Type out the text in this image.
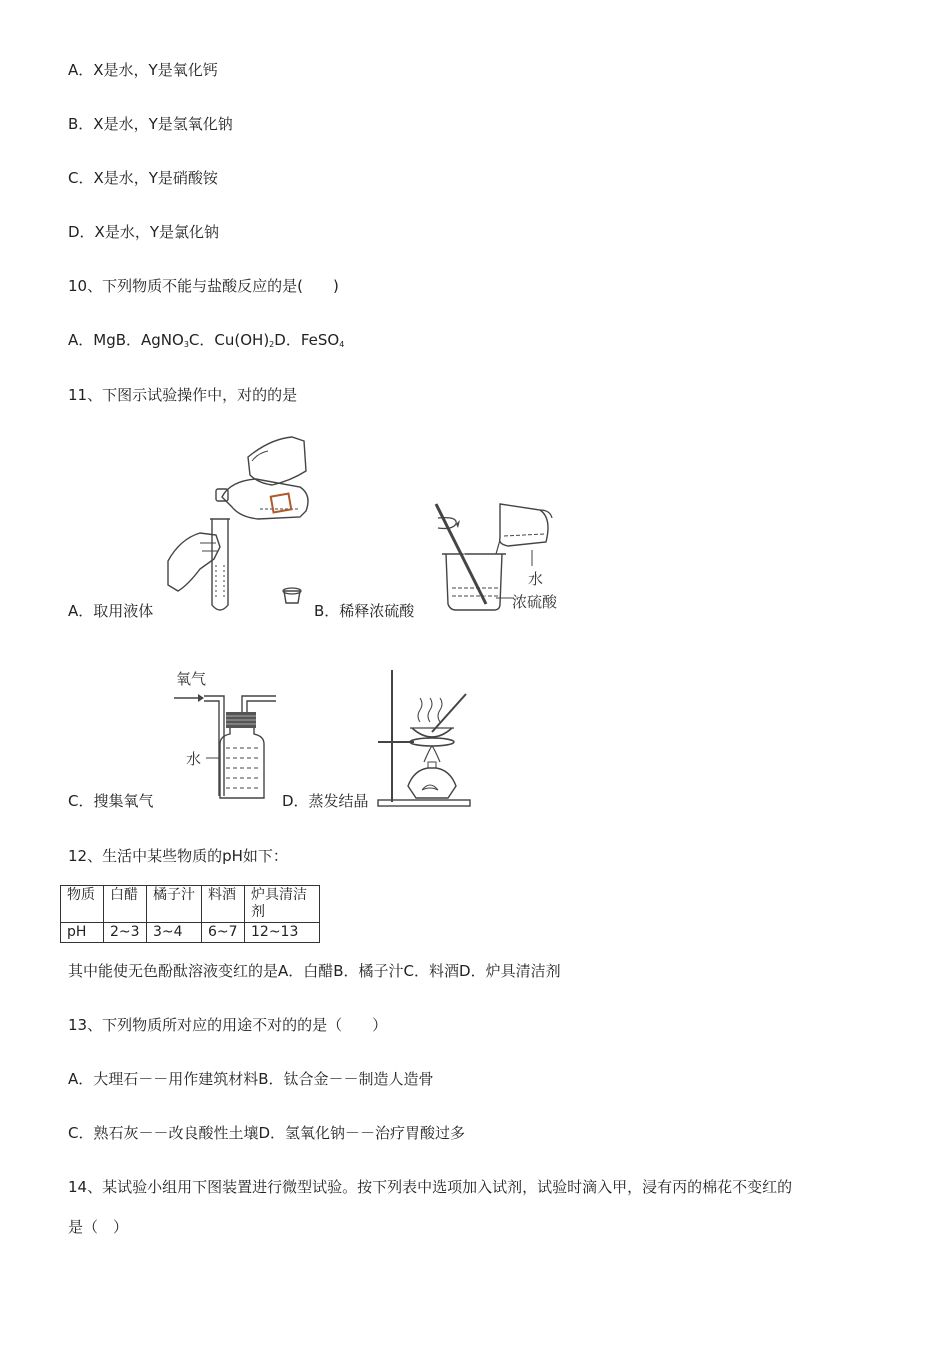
A．X是水，Y是氧化钙
B．X是水，Y是氢氧化钠
C．X是水，Y是硝酸铵
D．X是水，Y是氯化钠
10、下列物质不能与盐酸反应的是(　　)
A．MgB．AgNO$_3$C．$Cu(OH)_2D$．FeSO$_4$
11、下图示试验操作中，对的的是
A．取用液体
水
浓硫酸
B．稀释浓硫酸
氧气
水
C．搜集氧气	D．蒸发结晶
12、生活中某些物质的pH如下：
物质	白醋	橘子汁	料酒	炉具清洁剂
pH	2~3	3~4	6~7	12~13
其中能使无色酚酞溶液变红的是A．白醋B．橘子汁C．料酒D．炉具清洁剂
13、下列物质所对应的用途不对的的是（　　）
A．大理石－－用作建筑材料B．钛合金－－制造人造骨
C．熟石灰－－改良酸性土壤D．氢氧化钠－－治疗胃酸过多
14、某试验小组用下图装置进行微型试验。按下列表中选项加入试剂，试验时滴入甲，浸有丙的棉花不变红的
是（　）
